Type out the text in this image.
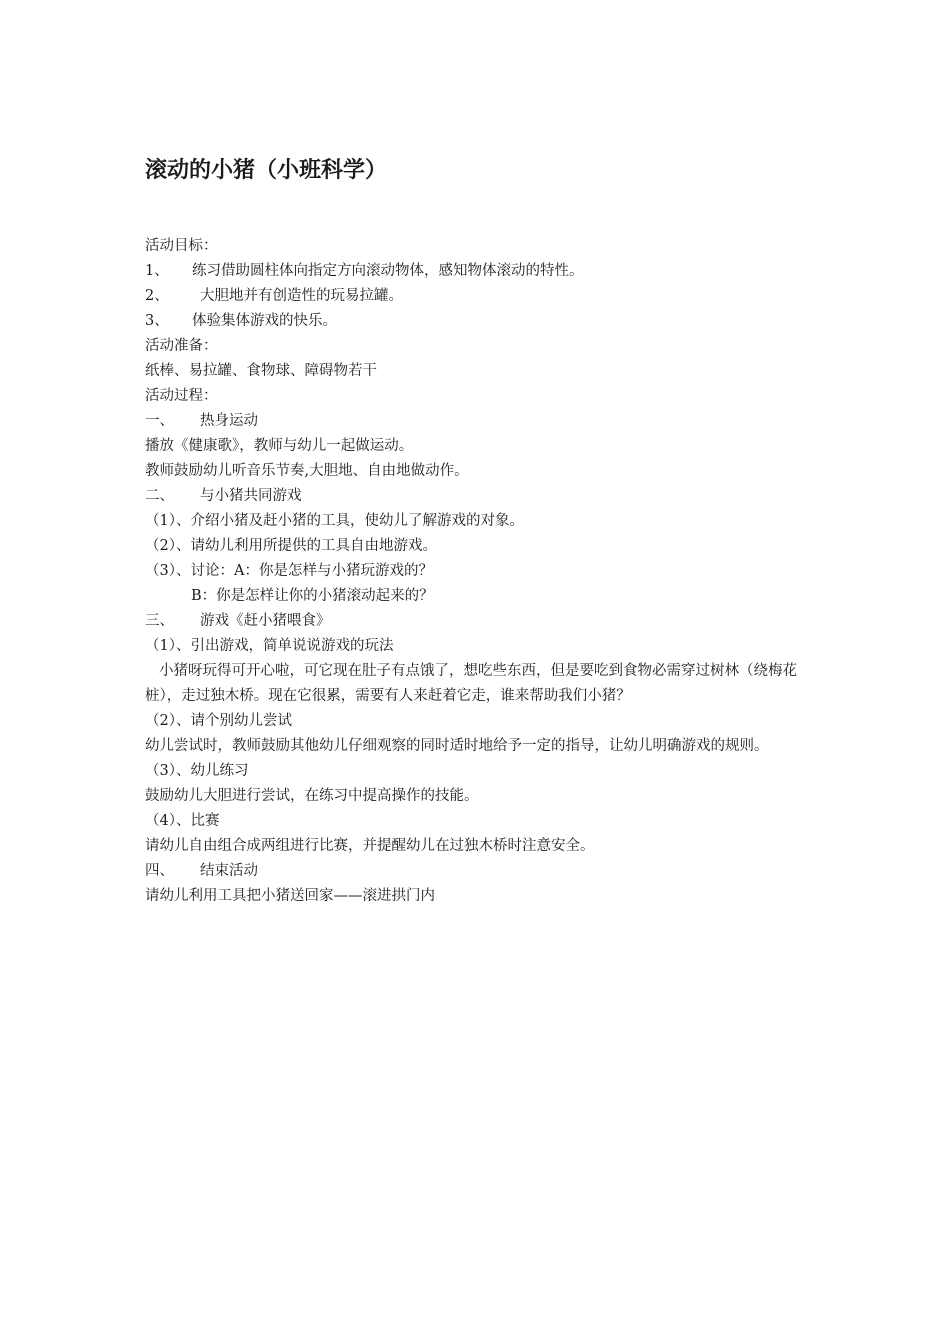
滚动的小猪（小班科学）
活动目标：
1、	练习借助圆柱体向指定方向滚动物体，感知物体滚动的特性。
2、	大胆地并有创造性的玩易拉罐。
3、	体验集体游戏的快乐。
活动准备：
纸棒、易拉罐、食物球、障碍物若干
活动过程：
一、	热身运动
播放《健康歌》，教师与幼儿一起做运动。
教师鼓励幼儿听音乐节奏,大胆地、自由地做动作。
二、	与小猪共同游戏
（1）、介绍小猪及赶小猪的工具，使幼儿了解游戏的对象。
（2）、请幼儿利用所提供的工具自由地游戏。
（3）、讨论：A：你是怎样与小猪玩游戏的？
B：你是怎样让你的小猪滚动起来的？
三、	游戏《赶小猪喂食》
（1）、引出游戏，简单说说游戏的玩法
小猪呀玩得可开心啦，可它现在肚子有点饿了，想吃些东西，但是要吃到食物必需穿过树林（绕梅花桩），走过独木桥。现在它很累，需要有人来赶着它走，谁来帮助我们小猪？
（2）、请个别幼儿尝试
幼儿尝试时，教师鼓励其他幼儿仔细观察的同时适时地给予一定的指导，让幼儿明确游戏的规则。
（3）、幼儿练习
鼓励幼儿大胆进行尝试，在练习中提高操作的技能。
（4）、比赛
请幼儿自由组合成两组进行比赛，并提醒幼儿在过独木桥时注意安全。
四、	结束活动
请幼儿利用工具把小猪送回家——滚进拱门内
